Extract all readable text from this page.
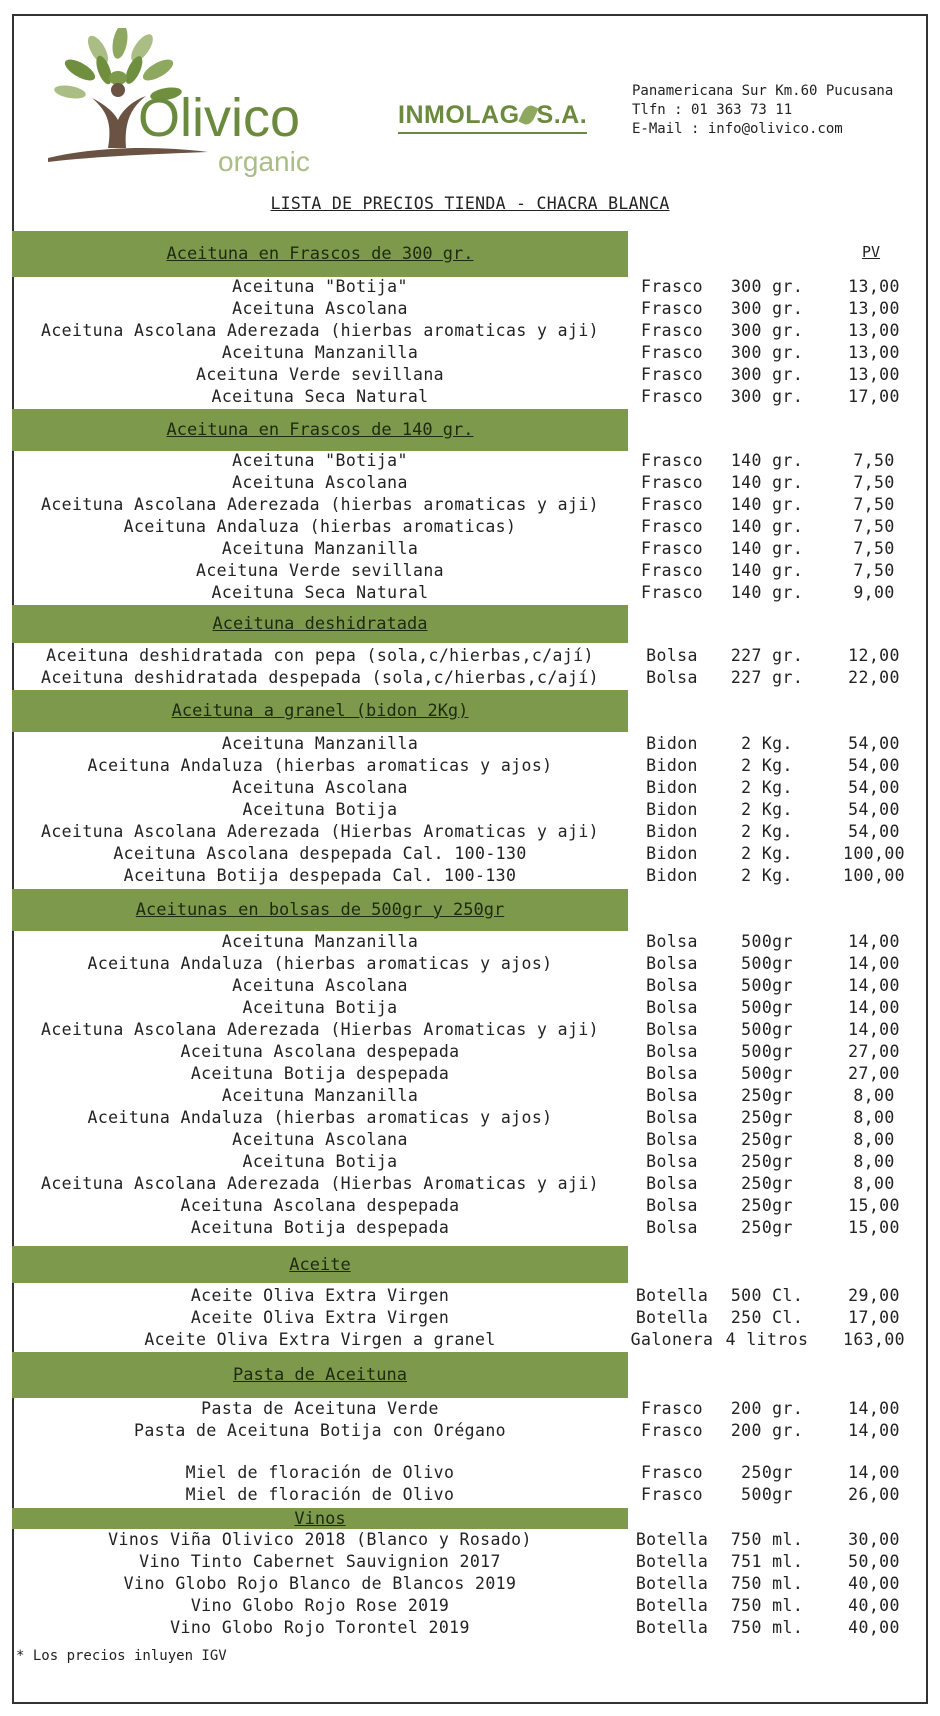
Olivico
organic
INMOLAG S.A.
Panamericana Sur Km.60 Pucusana
Tlfn : 01 363 73 11
E-Mail : info@olivico.com
LISTA DE PRECIOS TIENDA - CHACRA BLANCA
PV
Aceituna en Frascos de 300 gr.
Aceituna "Botija"	Frasco	300 gr.	13,00
Aceituna Ascolana	Frasco	300 gr.	13,00
Aceituna Ascolana Aderezada (hierbas aromaticas y aji)	Frasco	300 gr.	13,00
Aceituna Manzanilla	Frasco	300 gr.	13,00
Aceituna Verde sevillana	Frasco	300 gr.	13,00
Aceituna Seca Natural	Frasco	300 gr.	17,00
Aceituna en Frascos de 140 gr.
Aceituna "Botija"	Frasco	140 gr.	7,50
Aceituna Ascolana	Frasco	140 gr.	7,50
Aceituna Ascolana Aderezada (hierbas aromaticas y aji)	Frasco	140 gr.	7,50
Aceituna Andaluza (hierbas aromaticas)	Frasco	140 gr.	7,50
Aceituna Manzanilla	Frasco	140 gr.	7,50
Aceituna Verde sevillana	Frasco	140 gr.	7,50
Aceituna Seca Natural	Frasco	140 gr.	9,00
Aceituna deshidratada
Aceituna deshidratada con pepa (sola,c/hierbas,c/ají)	Bolsa	227 gr.	12,00
Aceituna deshidratada despepada (sola,c/hierbas,c/ají)	Bolsa	227 gr.	22,00
Aceituna a granel (bidon 2Kg)
Aceituna Manzanilla	Bidon	2 Kg.	54,00
Aceituna Andaluza (hierbas aromaticas y ajos)	Bidon	2 Kg.	54,00
Aceituna Ascolana	Bidon	2 Kg.	54,00
Aceituna Botija	Bidon	2 Kg.	54,00
Aceituna Ascolana Aderezada (Hierbas Aromaticas y aji)	Bidon	2 Kg.	54,00
Aceituna Ascolana despepada Cal. 100-130	Bidon	2 Kg.	100,00
Aceituna Botija despepada Cal. 100-130	Bidon	2 Kg.	100,00
Aceitunas en bolsas de 500gr y 250gr
Aceituna Manzanilla	Bolsa	500gr	14,00
Aceituna Andaluza (hierbas aromaticas y ajos)	Bolsa	500gr	14,00
Aceituna Ascolana	Bolsa	500gr	14,00
Aceituna Botija	Bolsa	500gr	14,00
Aceituna Ascolana Aderezada (Hierbas Aromaticas y aji)	Bolsa	500gr	14,00
Aceituna Ascolana despepada	Bolsa	500gr	27,00
Aceituna Botija despepada	Bolsa	500gr	27,00
Aceituna Manzanilla	Bolsa	250gr	8,00
Aceituna Andaluza (hierbas aromaticas y ajos)	Bolsa	250gr	8,00
Aceituna Ascolana	Bolsa	250gr	8,00
Aceituna Botija	Bolsa	250gr	8,00
Aceituna Ascolana Aderezada (Hierbas Aromaticas y aji)	Bolsa	250gr	8,00
Aceituna Ascolana despepada	Bolsa	250gr	15,00
Aceituna Botija despepada	Bolsa	250gr	15,00
Aceite
Aceite Oliva Extra Virgen	Botella	500 Cl.	29,00
Aceite Oliva Extra Virgen	Botella	250 Cl.	17,00
Aceite Oliva Extra Virgen a granel	Galonera 4 litros	163,00
Pasta de Aceituna
Pasta de Aceituna Verde	Frasco	200 gr.	14,00
Pasta de Aceituna Botija con Orégano	Frasco	200 gr.	14,00
Miel de floración de Olivo	Frasco	250gr	14,00
Miel de floración de Olivo	Frasco	500gr	26,00
Vinos
Vinos Viña Olivico 2018 (Blanco y Rosado)	Botella	750 ml.	30,00
Vino Tinto Cabernet Sauvignion 2017	Botella	751 ml.	50,00
Vino Globo Rojo Blanco de Blancos 2019	Botella	750 ml.	40,00
Vino Globo Rojo Rose 2019	Botella	750 ml.	40,00
Vino Globo Rojo Torontel 2019	Botella	750 ml.	40,00
* Los precios inluyen IGV
